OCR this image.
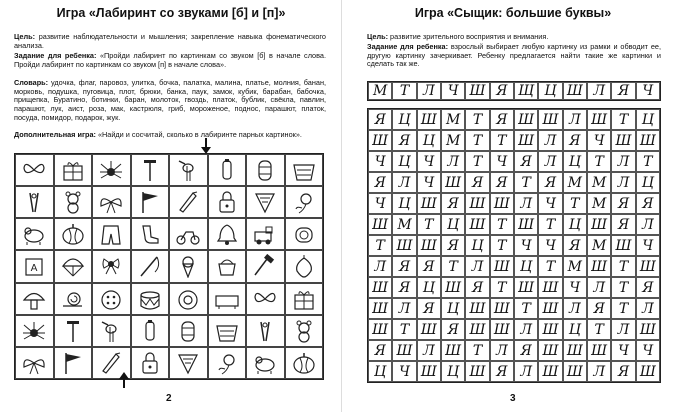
Игра «Лабиринт со звуками [б] и [п]»
Цель: развитие наблюдательности и мышления; закрепление навыка фонематического анализа.
Задание для ребенка: «Пройди лабиринт по картинкам со звуком [б] в начале слова. Пройди лабиринт по картинкам со звуком [п] в начале слова».
Словарь: удочка, флаг, паровоз, улитка, бочка, палатка, малина, платье, молния, банан, морковь, подушка, пуговица, плот, брюки, банка, паук, замок, кубик, барабан, бабочка, прищепка, Буратино, ботинки, баран, молоток, гвоздь, платок, бублик, свёкла, павлин, парашют, лук, аист, роза, мак, кастрюля, гриб, мороженое, поднос, парашют, платок, посуда, помидор, подарок, жук.
Дополнительная игра: «Найди и сосчитай, сколько в лабиринте парных картинок».
A
2
Игра «Сыщик: большие буквы»
Цель: развитие зрительного восприятия и внимания.
Задание для ребенка: взрослый выбирает любую картинку из рамки и обводит ее, другую картинку зачеркивает. Ребенку предлагается найти такие же картинки и сделать так же.
М Т Л Ч Ш Я Щ Ц Ш Л Я Ч
Я Ц Ш М Т	Я Ш Ш Л Ш Т Ц
Ш Я Ц М Т	Т Ш Л Я Ч Ш Ш
Ч Ц Ч Л Т	Ч Я Л Ц Т Л Т
Я Л Ч Ш Я Я	Т	Я М М Л Ц
Ч Ц Ш Я Ш Ш Л Ч	Т М Я Я
Ш М Т Ц Ш Т Ш Т Ц Ш Я Л
Т Ш Ш Я Ц Т	Ч Ч Я М Ш Ч
Л Я Я	Т Л Ш Ц Т М Ш Т Ш
Ш Я Ц Ш Я	Т Ш Ш Ч Л Т	Я
Ш Л Я Ц Ш Ш Т Ш Л Я	Т Л
Ш Т Ш Я Ш Ш Л Ш Ц Т Л Ш
Я Ш Л Ш Т Л Я Ш Ш Ш Ч Ч
Ц Ч Ш Ц Ш Я Л Ш Ш Л Я Ш
3
